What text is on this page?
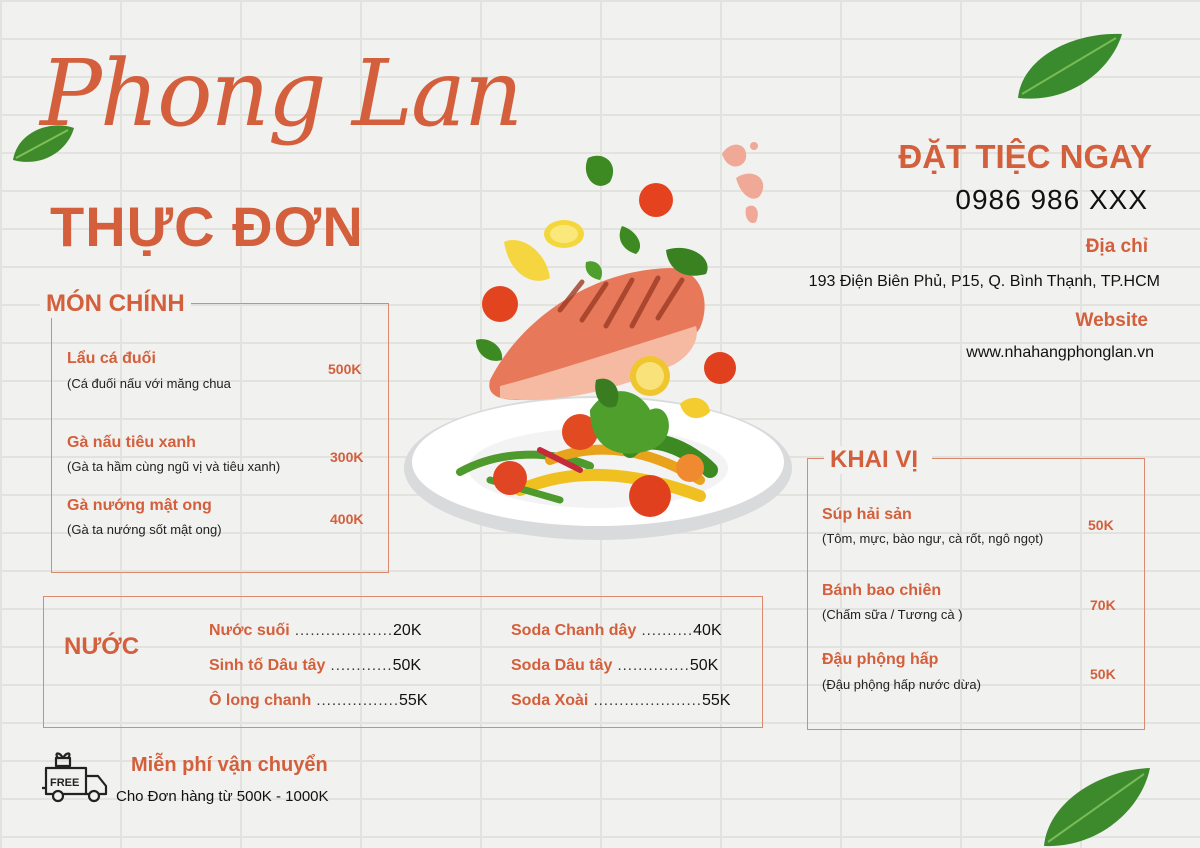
Phong Lan
THỰC ĐƠN
ĐẶT TIỆC NGAY
0986 986 XXX
Địa chỉ
193 Điện Biên Phủ, P15, Q. Bình Thạnh, TP.HCM
Website
www.nhahangphonglan.vn
MÓN CHÍNH
Lẩu cá đuối
(Cá đuối nấu với măng chua
500K
Gà nấu tiêu xanh
(Gà ta hầm cùng ngũ vị và tiêu xanh)
300K
Gà nướng mật ong
(Gà ta nướng sốt mật ong)
400K
KHAI VỊ
Súp hải sản
(Tôm, mực, bào ngư, cà rốt, ngô ngọt)
50K
Bánh bao chiên
(Chấm sữa / Tương cà )
70K
Đậu phộng hấp
(Đậu phộng hấp nước dừa)
50K
NƯỚC
Nước suối ...................20K
Sinh tố Dâu tây ............50K
Ô long chanh ................55K
Soda Chanh dây ..........40K
Soda Dâu tây ..............50K
Soda Xoài .....................55K
FREE
Miễn phí vận chuyển
Cho Đơn hàng từ 500K - 1000K
